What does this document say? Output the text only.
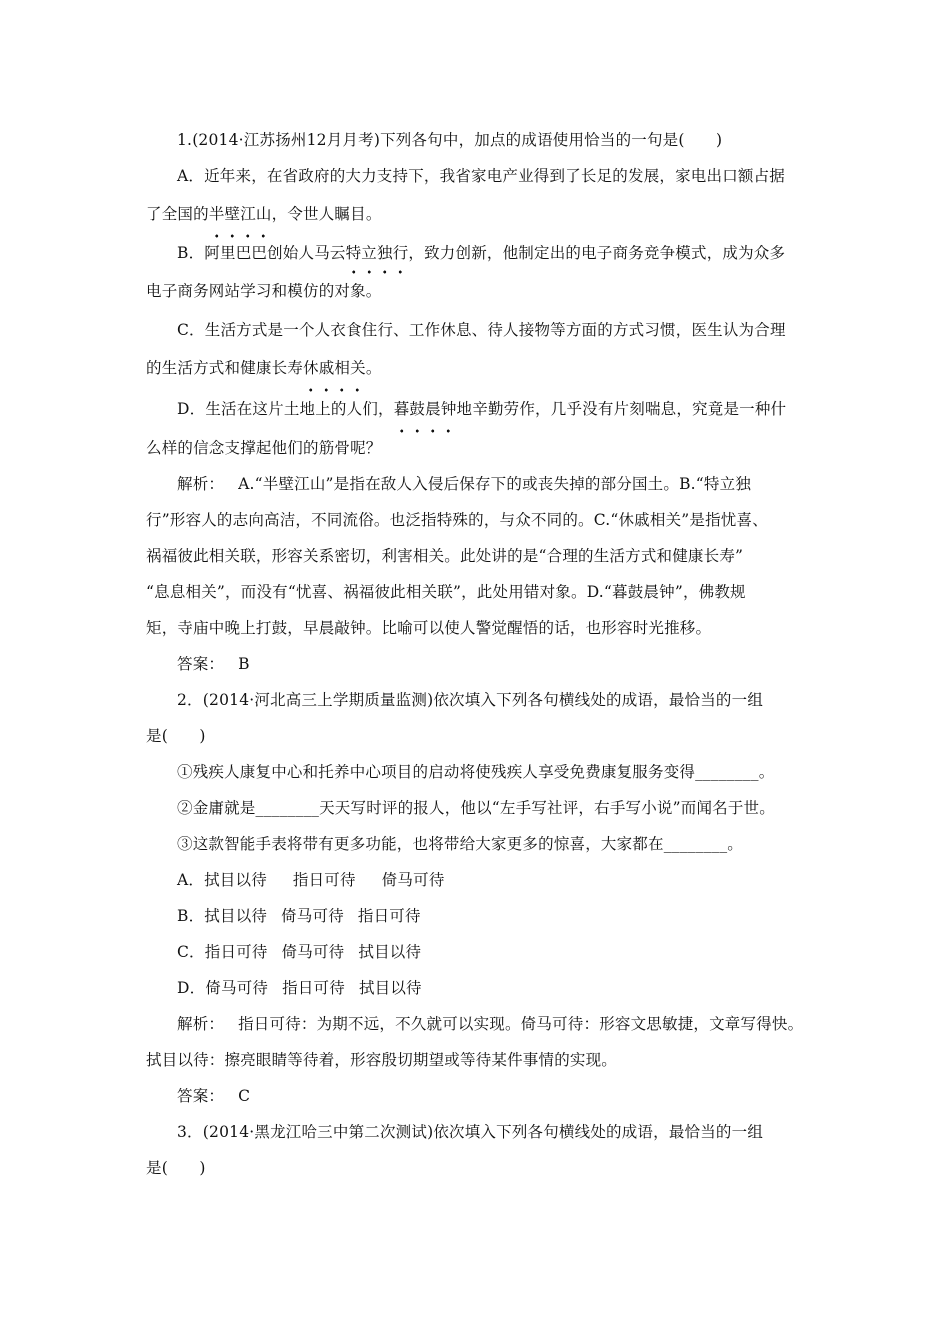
1.(2014·江苏扬州12月月考)下列各句中，加点的成语使用恰当的一句是(　　)
A．近年来，在省政府的大力支持下，我省家电产业得到了长足的发展，家电出口额占据
了全国的半壁江山，令世人瞩目。
B．阿里巴巴创始人马云特立独行，致力创新，他制定出的电子商务竞争模式，成为众多
电子商务网站学习和模仿的对象。
C．生活方式是一个人衣食住行、工作休息、待人接物等方面的方式习惯，医生认为合理
的生活方式和健康长寿休戚相关。
D．生活在这片土地上的人们，暮鼓晨钟地辛勤劳作，几乎没有片刻喘息，究竟是一种什
么样的信念支撑起他们的筋骨呢？
解析： A.“半壁江山”是指在敌人入侵后保存下的或丧失掉的部分国土。B.“特立独
行”形容人的志向高洁，不同流俗。也泛指特殊的，与众不同的。C.“休戚相关”是指忧喜、
祸福彼此相关联，形容关系密切，利害相关。此处讲的是“合理的生活方式和健康长寿”
“息息相关”，而没有“忧喜、祸福彼此相关联”，此处用错对象。D.“暮鼓晨钟”，佛教规
矩，寺庙中晚上打鼓，早晨敲钟。比喻可以使人警觉醒悟的话，也形容时光推移。
答案： B
2．(2014·河北高三上学期质量监测)依次填入下列各句横线处的成语，最恰当的一组
是(　　)
①残疾人康复中心和托养中心项目的启动将使残疾人享受免费康复服务变得________。
②金庸就是________天天写时评的报人，他以“左手写社评，右手写小说”而闻名于世。
③这款智能手表将带有更多功能，也将带给大家更多的惊喜，大家都在________。
A．拭目以待 指日可待 倚马可待
B．拭目以待 倚马可待 指日可待
C．指日可待 倚马可待 拭目以待
D．倚马可待 指日可待 拭目以待
解析： 指日可待：为期不远，不久就可以实现。倚马可待：形容文思敏捷，文章写得快。
拭目以待：擦亮眼睛等待着，形容殷切期望或等待某件事情的实现。
答案： C
3．(2014·黑龙江哈三中第二次测试)依次填入下列各句横线处的成语，最恰当的一组
是(　　)
